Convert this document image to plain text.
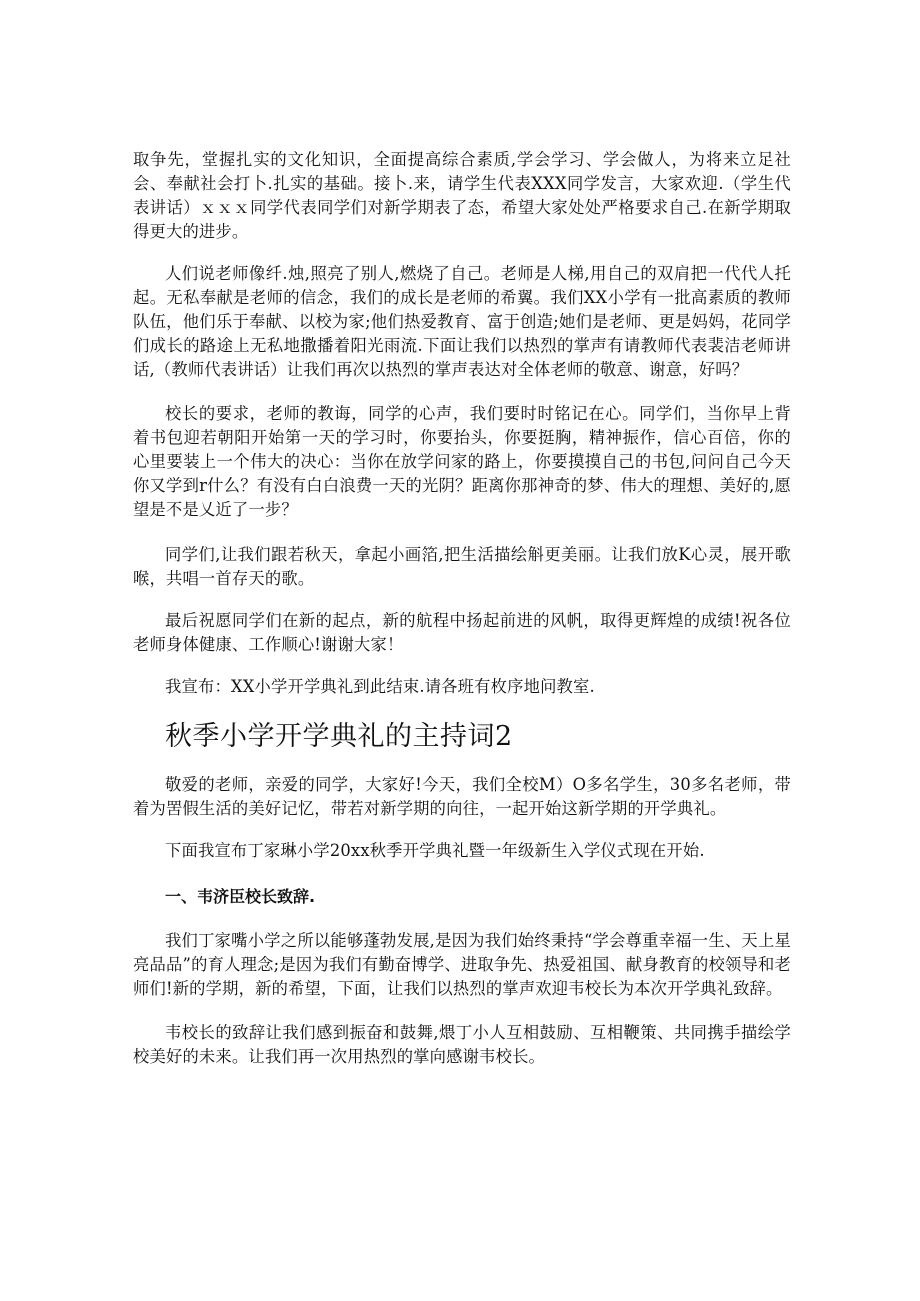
取争先，堂握扎实的文化知识，全面提高综合素质,学会学习、学会做人，为将来立足社会、奉献社会打卜.扎实的基础。接卜.来，请学生代表XXX同学发言，大家欢迎.（学生代表讲话）ｘｘｘ同学代表同学们对新学期表了态，希望大家处处严格要求自己.在新学期取得更大的进步。

人们说老师像纤.烛,照亮了别人,燃烧了自己。老师是人梯,用自己的双肩把一代代人托起。无私奉献是老师的信念，我们的成长是老师的希翼。我们XX小学有一批高素质的教师队伍，他们乐于奉献、以校为家;他们热爱教育、富于创造;她们是老师、更是妈妈，花同学们成长的路途上无私地撒播着阳光雨流.下面让我们以热烈的掌声有请教师代表裴洁老师讲话,（教师代表讲话）让我们再次以热烈的掌声表达对全体老师的敬意、谢意，好吗？

校长的要求，老师的教诲，同学的心声，我们要时时铭记在心。同学们，当你早上背着书包迎若朝阳开始第一天的学习时，你要抬头，你要挺胸，精神振作，信心百倍，你的心里要装上一个伟大的决心：当你在放学问家的路上，你要摸摸自己的书包,问问自己今天你又学到r什么？有没有白白浪费一天的光阴？距离你那神奇的梦、伟大的理想、美好的,愿望是不是乂近了一步？

同学们,让我们跟若秋天，拿起小画箔,把生活描绘斛更美丽。让我们放K心灵，展开歌喉，共唱一首存天的歌。

最后祝愿同学们在新的起点，新的航程中扬起前进的风帆，取得更辉煌的成绩!祝各位老师身体健康、工作顺心!谢谢大家！

我宣布：XX小学开学典礼到此结束.请各班有枚序地问教室.

秋季小学开学典礼的主持词2

敬爱的老师，亲爱的同学，大家好!今天，我们全校M）O多名学生，30多名老师，带着为罟假生活的美好记忆，带若对新学期的向往，一起开始这新学期的开学典礼。

下面我宣布丁家琳小学20xx秋季开学典礼暨一年级新生入学仪式现在开始.

一、韦济臣校长致辞.

我们丁家嘴小学之所以能够蓬勃发展,是因为我们始终秉持“学会尊重幸福一生、天上星亮品品”的育人理念;是因为我们有勤奋博学、进取争先、热爱祖国、献身教育的校领导和老师们!新的学期，新的希望，下面，让我们以热烈的掌声欢迎韦校长为本次开学典礼致辞。

韦校长的致辞让我们感到振奋和鼓舞,煨丁小人互相鼓励、互相鞭策、共同携手描绘学校美好的未来。让我们再一次用热烈的掌向感谢韦校长。
